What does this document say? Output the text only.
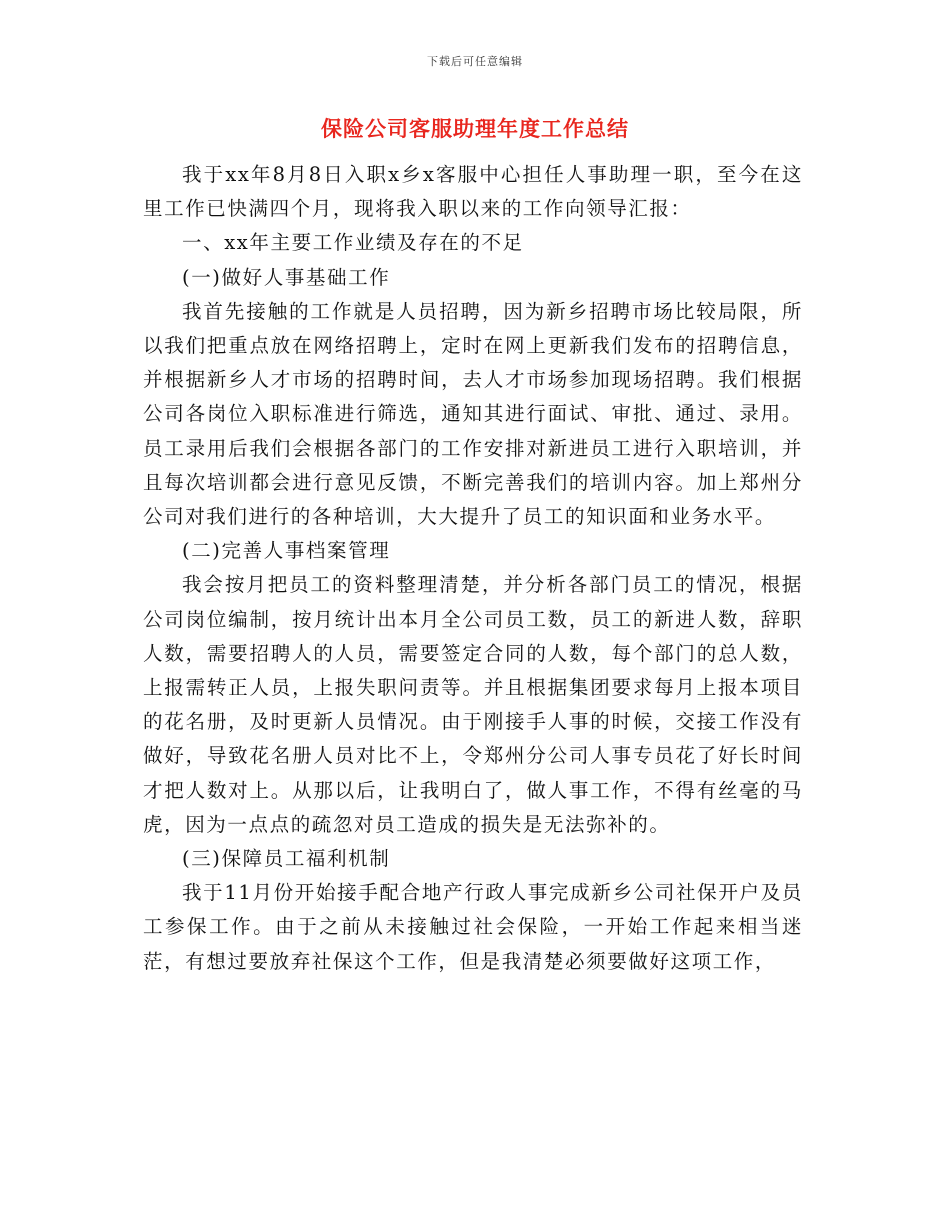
下载后可任意编辑
保险公司客服助理年度工作总结

我于xx年8月8日入职x乡x客服中心担任人事助理一职，至今在这里工作已快满四个月，现将我入职以来的工作向领导汇报：

一、xx年主要工作业绩及存在的不足

(一)做好人事基础工作

我首先接触的工作就是人员招聘，因为新乡招聘市场比较局限，所以我们把重点放在网络招聘上，定时在网上更新我们发布的招聘信息，并根据新乡人才市场的招聘时间，去人才市场参加现场招聘。我们根据公司各岗位入职标准进行筛选，通知其进行面试、审批、通过、录用。员工录用后我们会根据各部门的工作安排对新进员工进行入职培训，并且每次培训都会进行意见反馈，不断完善我们的培训内容。加上郑州分公司对我们进行的各种培训，大大提升了员工的知识面和业务水平。

(二)完善人事档案管理

我会按月把员工的资料整理清楚，并分析各部门员工的情况，根据公司岗位编制，按月统计出本月全公司员工数，员工的新进人数，辞职人数，需要招聘人的人员，需要签定合同的人数，每个部门的总人数，上报需转正人员，上报失职问责等。并且根据集团要求每月上报本项目的花名册，及时更新人员情况。由于刚接手人事的时候，交接工作没有做好，导致花名册人员对比不上，令郑州分公司人事专员花了好长时间才把人数对上。从那以后，让我明白了，做人事工作，不得有丝毫的马虎，因为一点点的疏忽对员工造成的损失是无法弥补的。

(三)保障员工福利机制

我于11月份开始接手配合地产行政人事完成新乡公司社保开户及员工参保工作。由于之前从未接触过社会保险，一开始工作起来相当迷茫，有想过要放弃社保这个工作，但是我清楚必须要做好这项工作，
